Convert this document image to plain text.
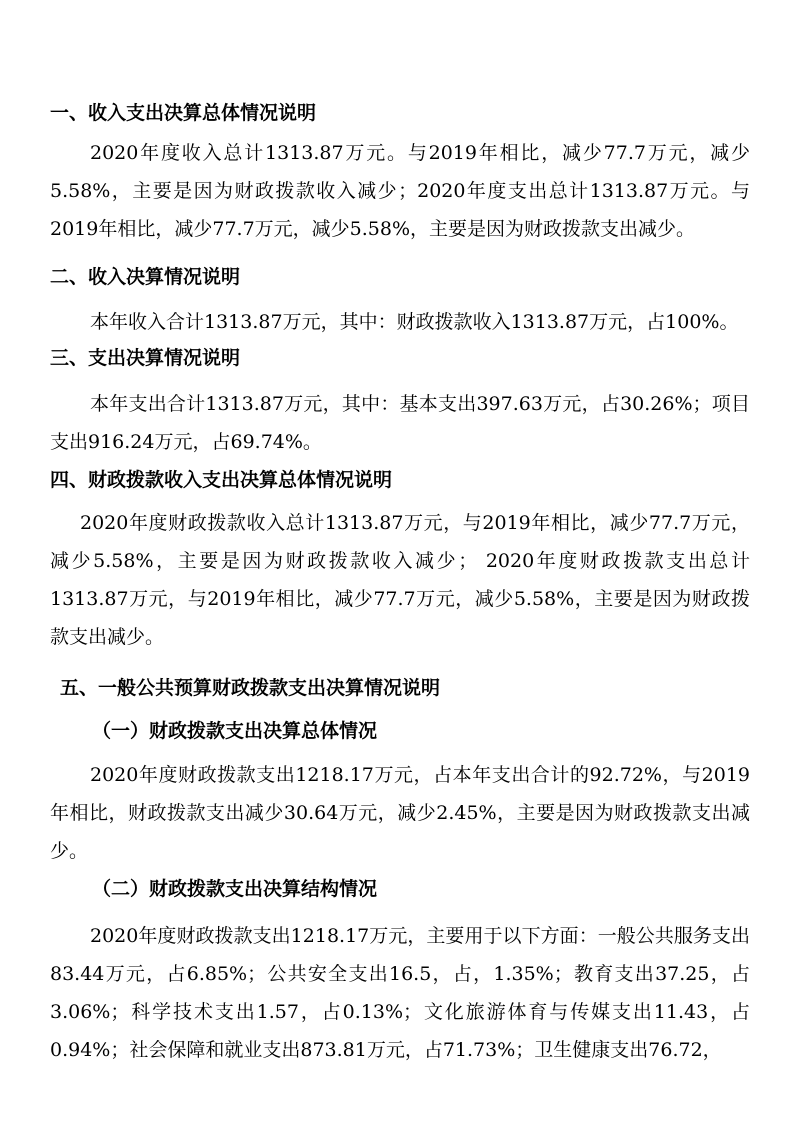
一、收入支出决算总体情况说明

2020年度收入总计1313.87万元。与2019年相比，减少77.7万元，减少5.58%，主要是因为财政拨款收入减少；2020年度支出总计1313.87万元。与2019年相比，减少77.7万元，减少5.58%，主要是因为财政拨款支出减少。

二、收入决算情况说明

本年收入合计1313.87万元，其中：财政拨款收入1313.87万元，占100%。

三、支出决算情况说明

本年支出合计1313.87万元，其中：基本支出397.63万元，占30.26%；项目支出916.24万元，占69.74%。

四、财政拨款收入支出决算总体情况说明

2020年度财政拨款收入总计1313.87万元，与2019年相比，减少77.7万元，减少5.58%，主要是因为财政拨款收入减少； 2020年度财政拨款支出总计1313.87万元，与2019年相比，减少77.7万元，减少5.58%，主要是因为财政拨款支出减少。

五、一般公共预算财政拨款支出决算情况说明
（一）财政拨款支出决算总体情况

2020年度财政拨款支出1218.17万元，占本年支出合计的92.72%，与2019年相比，财政拨款支出减少30.64万元，减少2.45%，主要是因为财政拨款支出减少。

（二）财政拨款支出决算结构情况

2020年度财政拨款支出1218.17万元，主要用于以下方面：一般公共服务支出83.44万元，占6.85%；公共安全支出16.5，占，1.35%；教育支出37.25，占3.06%；科学技术支出1.57，占0.13%；文化旅游体育与传媒支出11.43，占0.94%；社会保障和就业支出873.81万元，占71.73%；卫生健康支出76.72，
